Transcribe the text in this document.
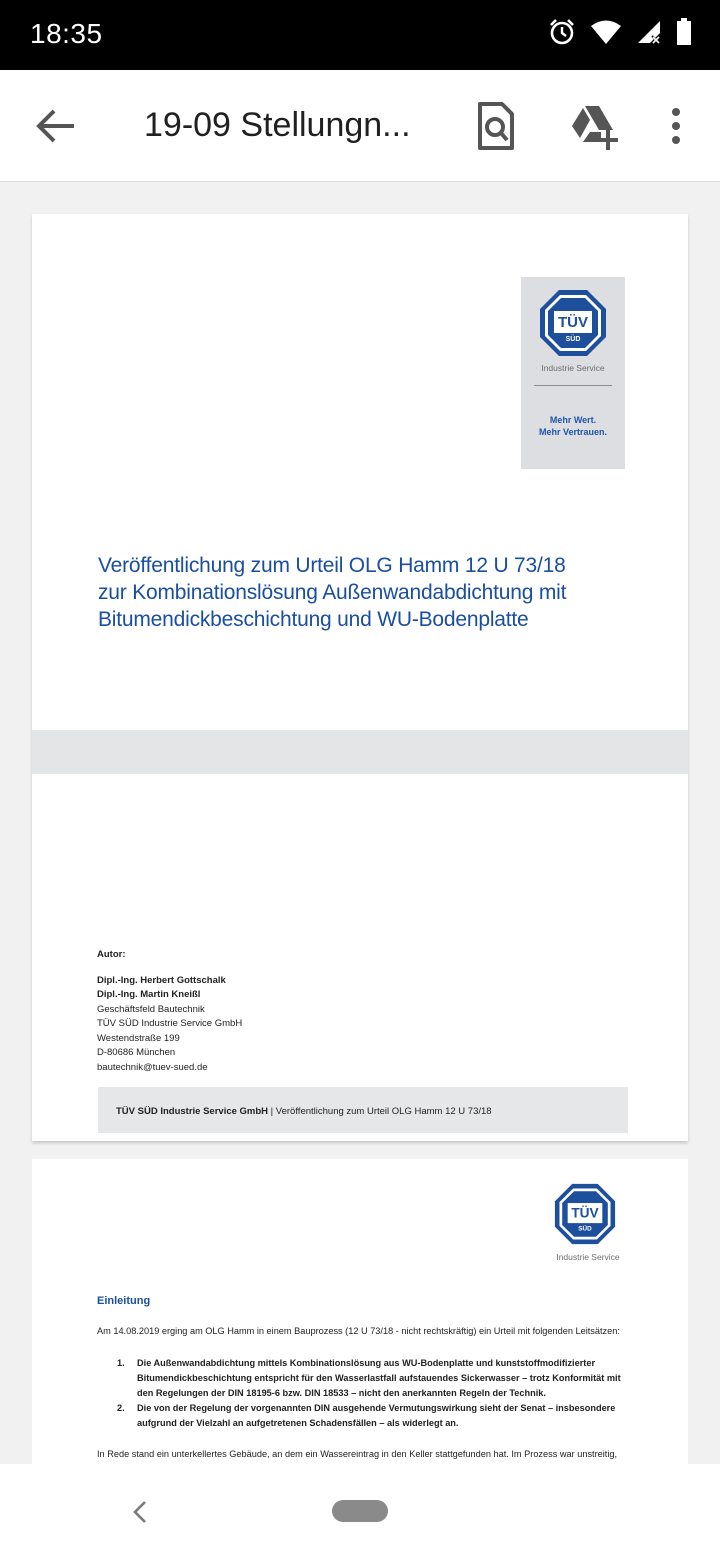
18:35
19-09 Stellungn...
TÜV
SÜD
Industrie Service
Mehr Wert.
Mehr Vertrauen.
Veröffentlichung zum Urteil OLG Hamm 12 U 73/18
zur Kombinationslösung Außenwandabdichtung mit
Bitumendickbeschichtung und WU-Bodenplatte
Autor:
Dipl.-Ing. Herbert Gottschalk
Dipl.-Ing. Martin Kneißl
Geschäftsfeld Bautechnik
TÜV SÜD Industrie Service GmbH
Westendstraße 199
D-80686 München
bautechnik@tuev-sued.de
TÜV SÜD Industrie Service GmbH | Veröffentlichung zum Urteil OLG Hamm 12 U 73/18
TÜV
SÜD
Industrie Service
Einleitung
Am 14.08.2019 erging am OLG Hamm in einem Bauprozess (12 U 73/18 - nicht rechtskräftig) ein Urteil mit folgenden Leitsätzen:
1. Die Außenwandabdichtung mittels Kombinationslösung aus WU-Bodenplatte und kunststoffmodifizierter
Bitumendickbeschichtung entspricht für den Wasserlastfall aufstauendes Sickerwasser – trotz Konformität mit
den Regelungen der DIN 18195-6 bzw. DIN 18533 – nicht den anerkannten Regeln der Technik.
2. Die von der Regelung der vorgenannten DIN ausgehende Vermutungswirkung sieht der Senat – insbesondere
aufgrund der Vielzahl an aufgetretenen Schadensfällen – als widerlegt an.
In Rede stand ein unterkellertes Gebäude, an dem ein Wassereintrag in den Keller stattgefunden hat. Im Prozess war unstreitig,
